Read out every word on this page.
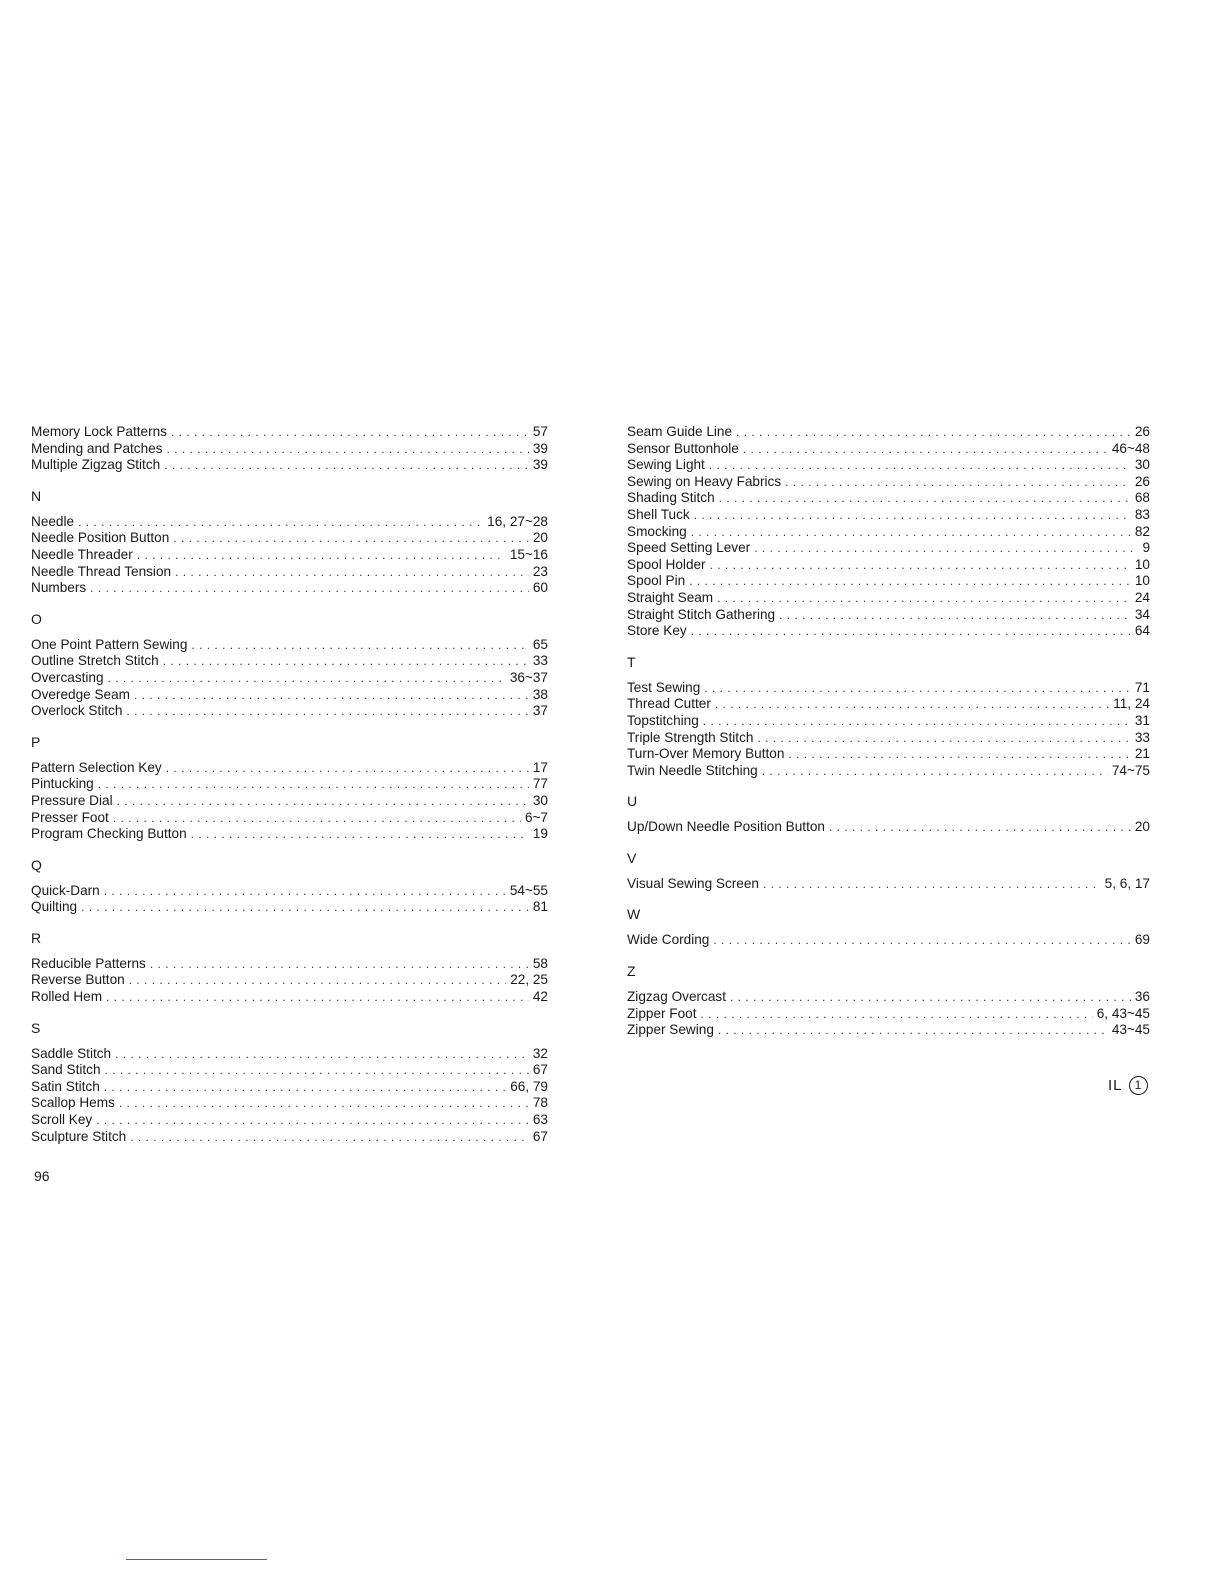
Memory Lock Patterns . . .	57
Mending and Patches . . .	39
Multiple Zigzag Stitch . . .	39
N
Needle . . .	16, 27~28
Needle Position Button . . .	20
Needle Threader . . .	15~16
Needle Thread Tension . . .	23
Numbers . . .	60
O
One Point Pattern Sewing . . .	65
Outline Stretch Stitch . . .	33
Overcasting . . .	36~37
Overedge Seam . . .	38
Overlock Stitch . . .	37
P
Pattern Selection Key . . .	17
Pintucking . . .	77
Pressure Dial . . .	30
Presser Foot . . .	6~7
Program Checking Button . . .	19
Q
Quick-Darn . . .	54~55
Quilting . . .	81
R
Reducible Patterns . . .	58
Reverse Button . . .	22, 25
Rolled Hem . . .	42
S
Saddle Stitch . . .	32
Sand Stitch . . .	67
Satin Stitch . . .	66, 79
Scallop Hems . . .	78
Scroll Key . . .	63
Sculpture Stitch . . .	67
Seam Guide Line . . .	26
Sensor Buttonhole . . .	46~48
Sewing Light . . .	30
Sewing on Heavy Fabrics . . .	26
Shading Stitch . . .	68
Shell Tuck . . .	83
Smocking . . .	82
Speed Setting Lever . . .	9
Spool Holder . . .	10
Spool Pin . . .	10
Straight Seam . . .	24
Straight Stitch Gathering . . .	34
Store Key . . .	64
T
Test Sewing . . .	71
Thread Cutter . . .	11, 24
Topstitching . . .	31
Triple Strength Stitch . . .	33
Turn-Over Memory Button . . .	21
Twin Needle Stitching . . .	74~75
U
Up/Down Needle Position Button . . .	20
V
Visual Sewing Screen . . .	5, 6, 17
W
Wide Cording . . .	69
Z
Zigzag Overcast . . .	36
Zipper Foot . . .	6, 43~45
Zipper Sewing . . .	43~45
96
IL	1
